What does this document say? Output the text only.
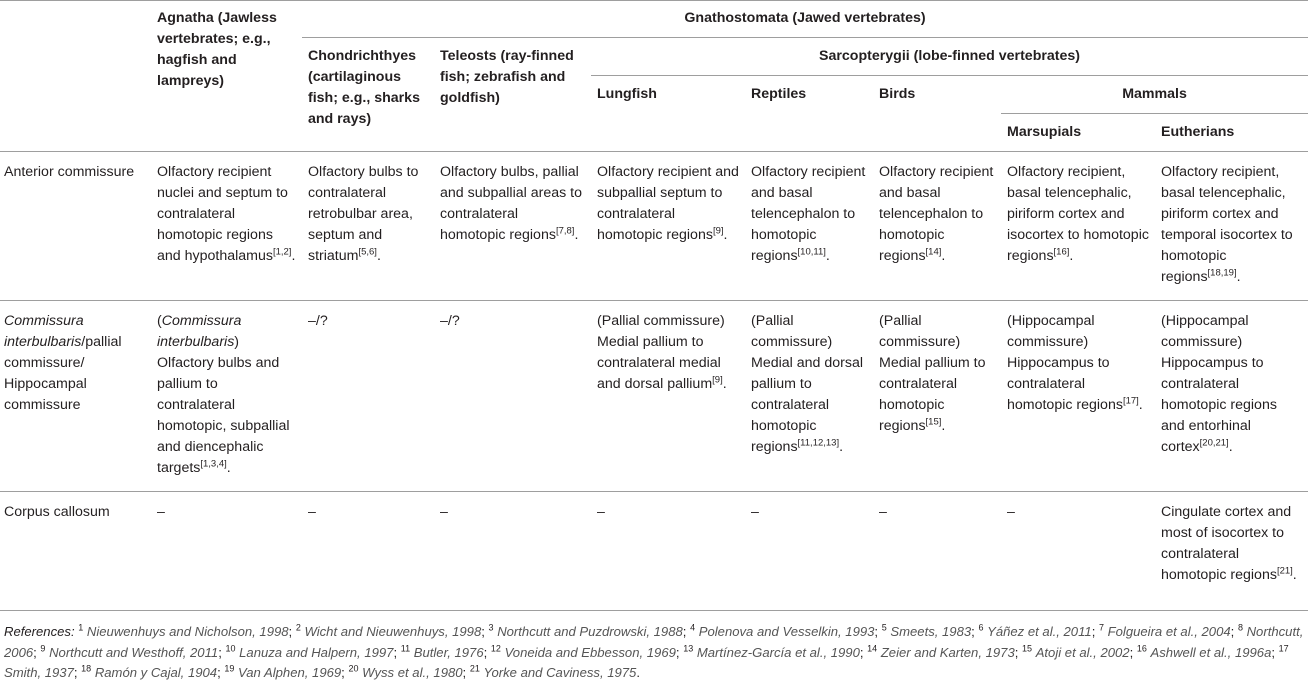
	Agnatha (Jawless vertebrates; e.g., hagfish and lampreys)	Gnathostomata (Jawed vertebrates)						
		Chondrichthyes (cartilaginous fish; e.g., sharks and rays)	Teleosts (ray-finned fish; zebrafish and goldfish)	Sarcopterygii (lobe-finned vertebrates)				
				Lungfish	Reptiles	Birds	Mammals	
							Marsupials	Eutherians
Anterior commissure	Olfactory recipient nuclei and septum to contralateral homotopic regions and hypothalamus[1,2].	Olfactory bulbs to contralateral retrobulbar area, septum and striatum[5,6].	Olfactory bulbs, pallial and subpallial areas to contralateral homotopic regions[7,8].	Olfactory recipient and subpallial septum to contralateral homotopic regions[9].	Olfactory recipient and basal telencephalon to homotopic regions[10,11].	Olfactory recipient and basal telencephalon to homotopic regions[14].	Olfactory recipient, basal telencephalic, piriform cortex and isocortex to homotopic regions[16].	Olfactory recipient, basal telencephalic, piriform cortex and temporal isocortex to homotopic regions[18,19].
Commissura interbulbaris/pallial commissure/ Hippocampal commissure	(Commissura interbulbaris) Olfactory bulbs and pallium to contralateral homotopic, subpallial and diencephalic targets[1,3,4].	–/?	–/?	(Pallial commissure) Medial pallium to contralateral medial and dorsal pallium[9].	(Pallial commissure) Medial and dorsal pallium to contralateral homotopic regions[11,12,13].	(Pallial commissure) Medial pallium to contralateral homotopic regions[15].	(Hippocampal commissure) Hippocampus to contralateral homotopic regions[17].	(Hippocampal commissure) Hippocampus to contralateral homotopic regions and entorhinal cortex[20,21].
Corpus callosum	–	–	–	–	–	–	–	Cingulate cortex and most of isocortex to contralateral homotopic regions[21].
References: $^1$ Nieuwenhuys and Nicholson, 1998; $^2$ Wicht and Nieuwenhuys, 1998; $^3$ Northcutt and Puzdrowski, 1988; $^4$ Polenova and Vesselkin, 1993; $^5$ Smeets, 1983; $^6$ Yáñez et al., 2011; $^7$ Folgueira et al., 2004; $^8$ Northcutt, 2006; $^9$ Northcutt and Westhoff, 2011; $^{10}$ Lanuza and Halpern, 1997; $^{11}$ Butler, 1976; $^{12}$ Voneida and Ebbesson, 1969; $^{13}$ Martínez-García et al., 1990; $^{14}$ Zeier and Karten, 1973; $^{15}$ Atoji et al., 2002; $^{16}$ Ashwell et al., 1996a; $^{17}$ Smith, 1937; $^{18}$ Ramón y Cajal, 1904; $^{19}$ Van Alphen, 1969; $^{20}$ Wyss et al., 1980; $^{21}$ Yorke and Caviness, 1975.
